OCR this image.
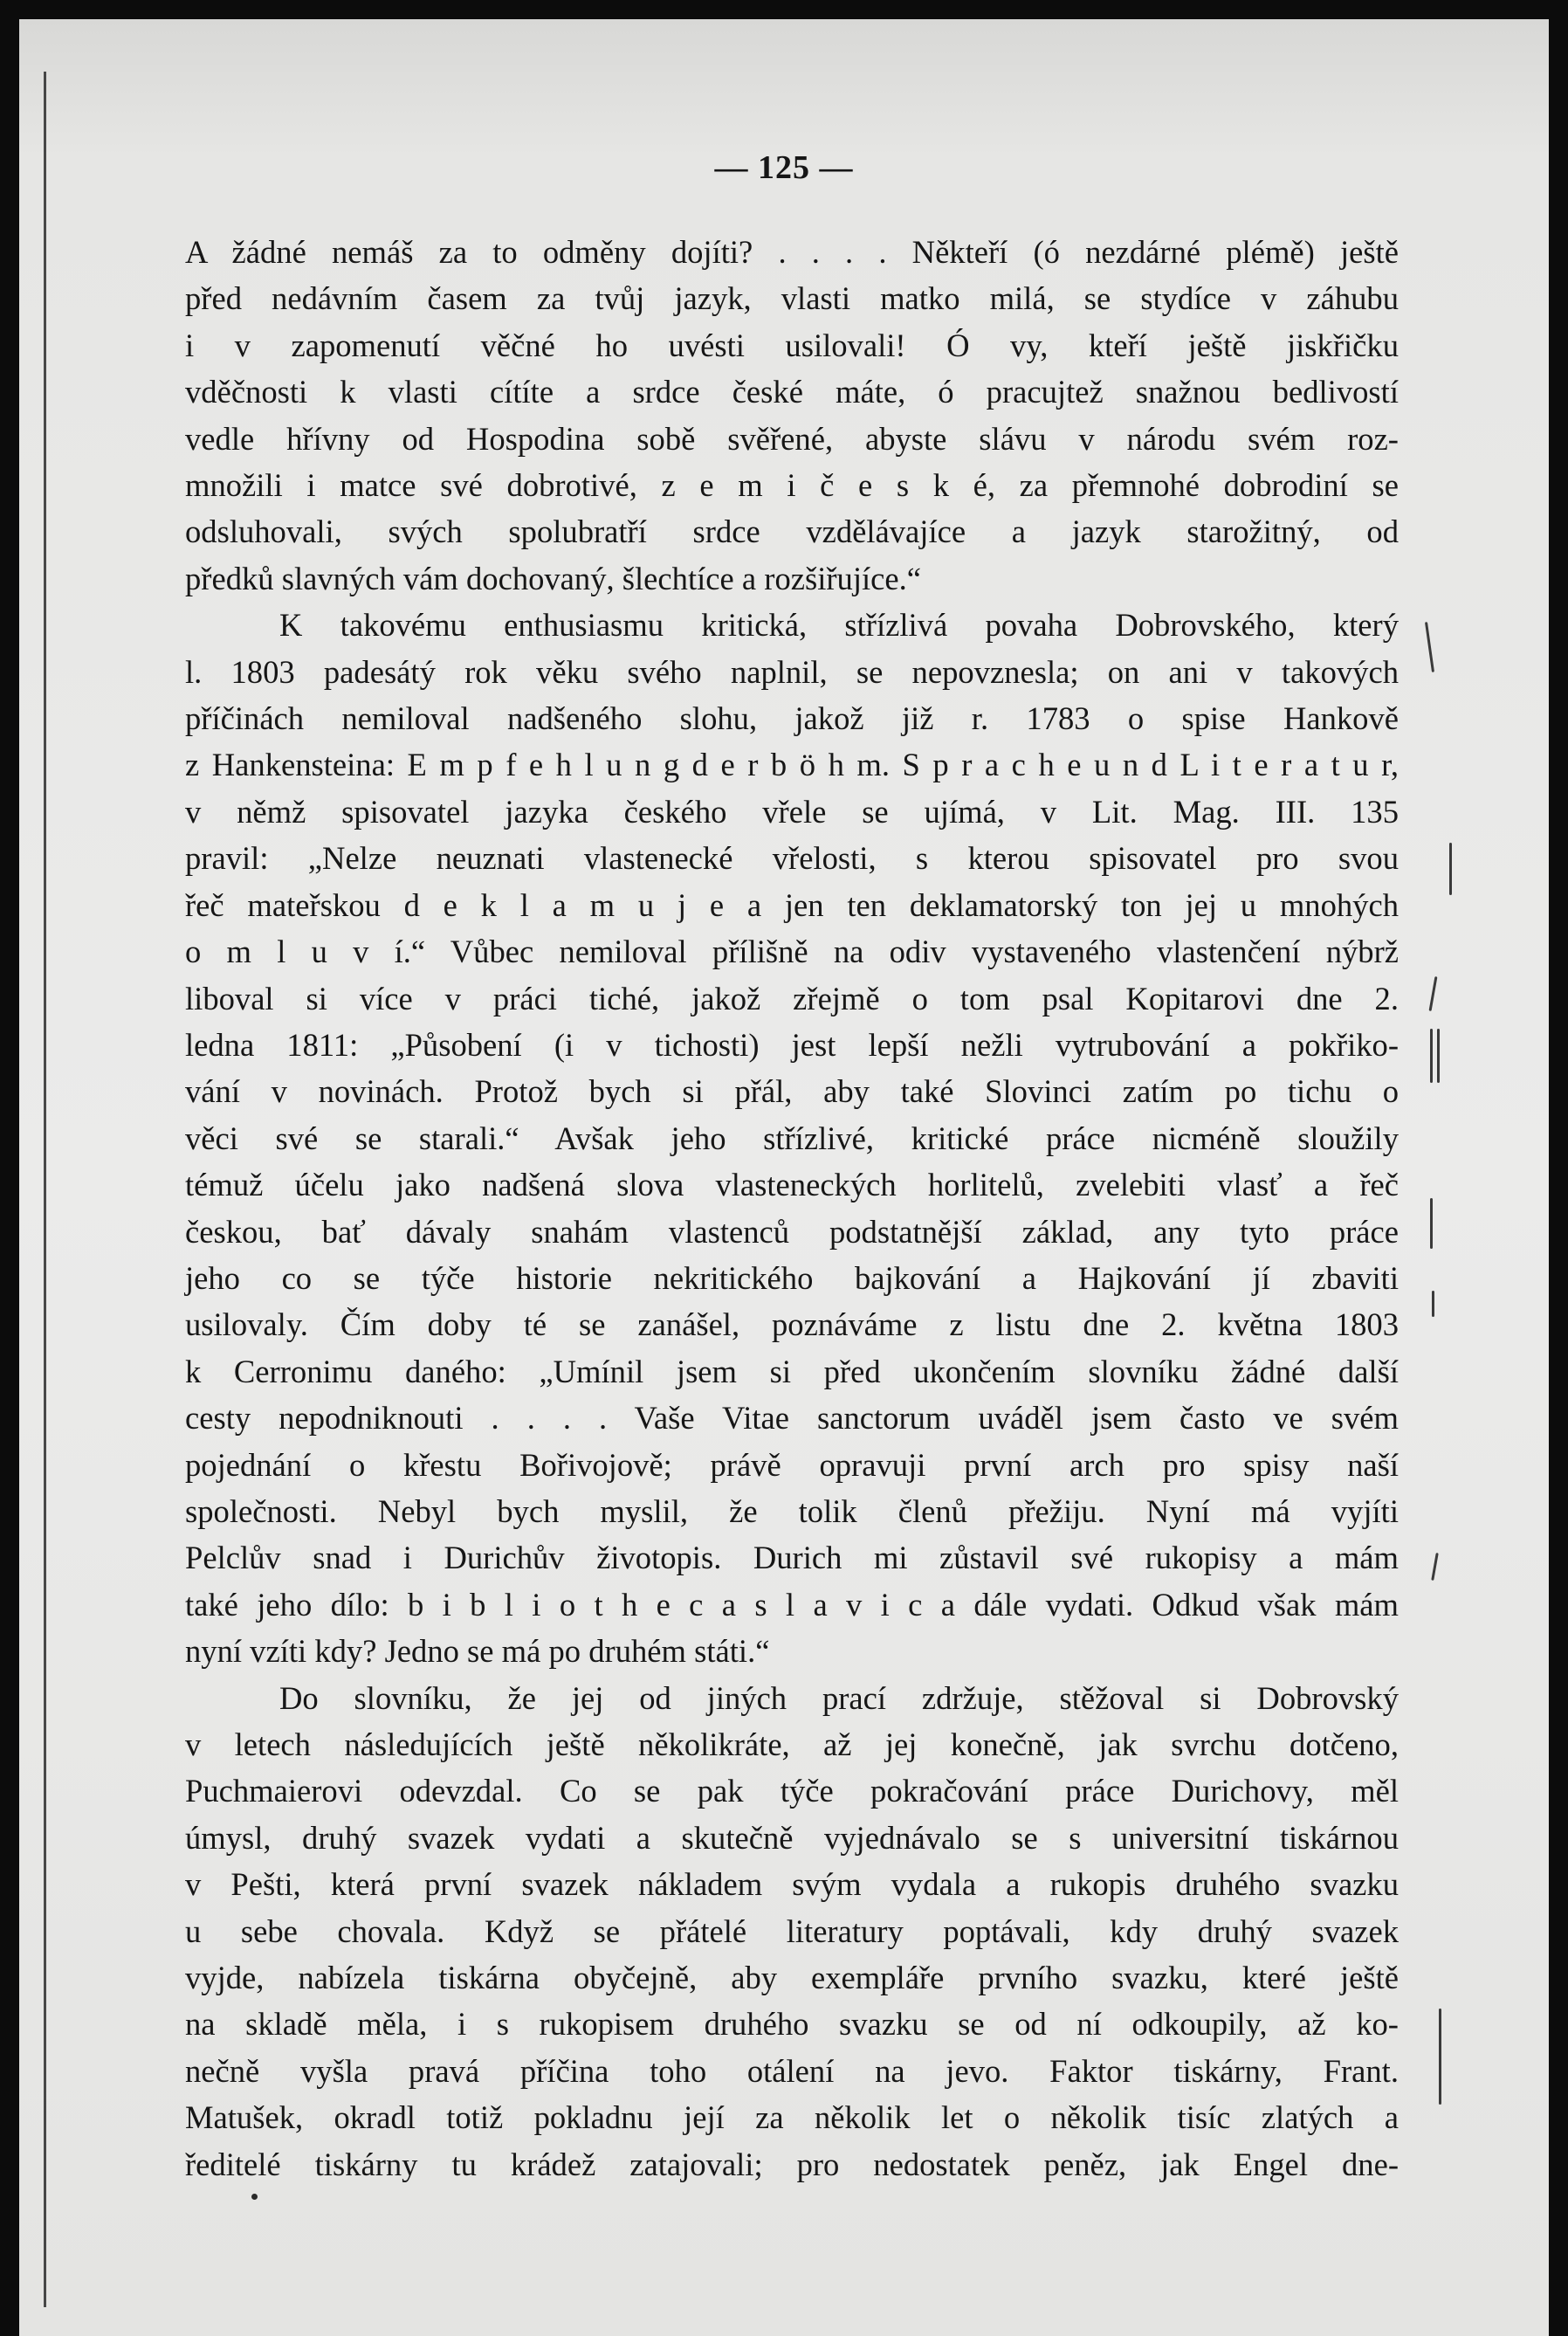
— 125 —
A žádné nemáš za to odměny dojíti? . . . . Někteří (ó nezdárné plémě) ještě
před nedávním časem za tvůj jazyk, vlasti matko milá, se stydíce v záhubu
i v zapomenutí věčné ho uvésti usilovali! Ó vy, kteří ještě jiskřičku
vděčnosti k vlasti cítíte a srdce české máte, ó pracujtež snažnou bedlivostí
vedle hřívny od Hospodina sobě svěřené, abyste slávu v národu svém roz-
množili i matce své dobrotivé, z e m i č e s k é, za přemnohé dobrodiní se
odsluhovali, svých spolubratří srdce vzdělávajíce a jazyk starožitný, od
předků slavných vám dochovaný, šlechtíce a rozšiřujíce.“
K takovému enthusiasmu kritická, střízlivá povaha Dobrovského, který
l. 1803 padesátý rok věku svého naplnil, se nepovznesla; on ani v takových
příčinách nemiloval nadšeného slohu, jakož již r. 1783 o spise Hankově
z Hankensteina: E m p f e h l u n g d e r b ö h m. S p r a c h e u n d L i t e r a t u r,
v němž spisovatel jazyka českého vřele se ujímá, v Lit. Mag. III. 135
pravil: „Nelze neuznati vlastenecké vřelosti, s kterou spisovatel pro svou
řeč mateřskou d e k l a m u j e a jen ten deklamatorský ton jej u mnohých
o m l u v í.“ Vůbec nemiloval přílišně na odiv vystaveného vlastenčení nýbrž
liboval si více v práci tiché, jakož zřejmě o tom psal Kopitarovi dne 2.
ledna 1811: „Působení (i v tichosti) jest lepší nežli vytrubování a pokřiko-
vání v novinách. Protož bych si přál, aby také Slovinci zatím po tichu o
věci své se starali.“ Avšak jeho střízlivé, kritické práce nicméně sloužily
témuž účelu jako nadšená slova vlasteneckých horlitelů, zvelebiti vlasť a řeč
českou, bať dávaly snahám vlastenců podstatnější základ, any tyto práce
jeho co se týče historie nekritického bajkování a Hajkování jí zbaviti
usilovaly. Čím doby té se zanášel, poznáváme z listu dne 2. května 1803
k Cerronimu daného: „Umínil jsem si před ukončením slovníku žádné další
cesty nepodniknouti . . . . Vaše Vitae sanctorum uváděl jsem často ve svém
pojednání o křestu Bořivojově; právě opravuji první arch pro spisy naší
společnosti. Nebyl bych myslil, že tolik členů přežiju. Nyní má vyjíti
Pelclův snad i Durichův životopis. Durich mi zůstavil své rukopisy a mám
také jeho dílo: b i b l i o t h e c a s l a v i c a dále vydati. Odkud však mám
nyní vzíti kdy? Jedno se má po druhém státi.“
Do slovníku, že jej od jiných prací zdržuje, stěžoval si Dobrovský
v letech následujících ještě několikráte, až jej konečně, jak svrchu dotčeno,
Puchmaierovi odevzdal. Co se pak týče pokračování práce Durichovy, měl
úmysl, druhý svazek vydati a skutečně vyjednávalo se s universitní tiskárnou
v Pešti, která první svazek nákladem svým vydala a rukopis druhého svazku
u sebe chovala. Když se přátelé literatury poptávali, kdy druhý svazek
vyjde, nabízela tiskárna obyčejně, aby exempláře prvního svazku, které ještě
na skladě měla, i s rukopisem druhého svazku se od ní odkoupily, až ko-
nečně vyšla pravá příčina toho otálení na jevo. Faktor tiskárny, Frant.
Matušek, okradl totiž pokladnu její za několik let o několik tisíc zlatých a
ředitelé tiskárny tu krádež zatajovali; pro nedostatek peněz, jak Engel dne-
